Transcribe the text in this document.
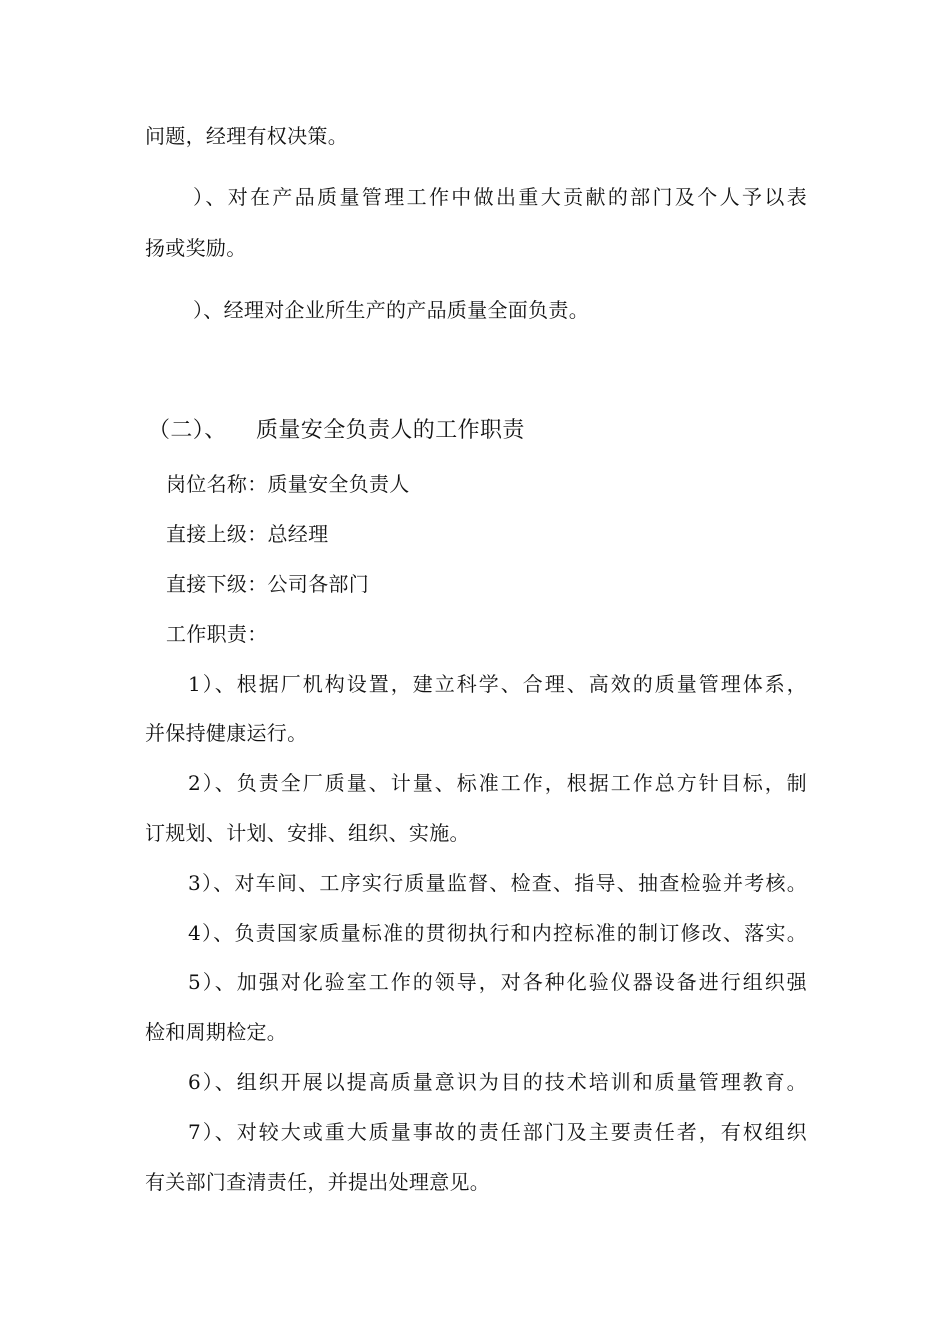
问题，经理有权决策。
）、对在产品质量管理工作中做出重大贡献的部门及个人予以表
扬或奖励。
）、经理对企业所生产的产品质量全面负责。
（二）、 质量安全负责人的工作职责
岗位名称：质量安全负责人
直接上级：总经理
直接下级：公司各部门
工作职责：
1）、根据厂机构设置，建立科学、合理、高效的质量管理体系，
并保持健康运行。
2）、负责全厂质量、计量、标准工作，根据工作总方针目标，制
订规划、计划、安排、组织、实施。
3）、对车间、工序实行质量监督、检查、指导、抽查检验并考核。
4）、负责国家质量标准的贯彻执行和内控标准的制订修改、落实。
5）、加强对化验室工作的领导，对各种化验仪器设备进行组织强
检和周期检定。
6）、组织开展以提高质量意识为目的技术培训和质量管理教育。
7）、对较大或重大质量事故的责任部门及主要责任者，有权组织
有关部门查清责任，并提出处理意见。
